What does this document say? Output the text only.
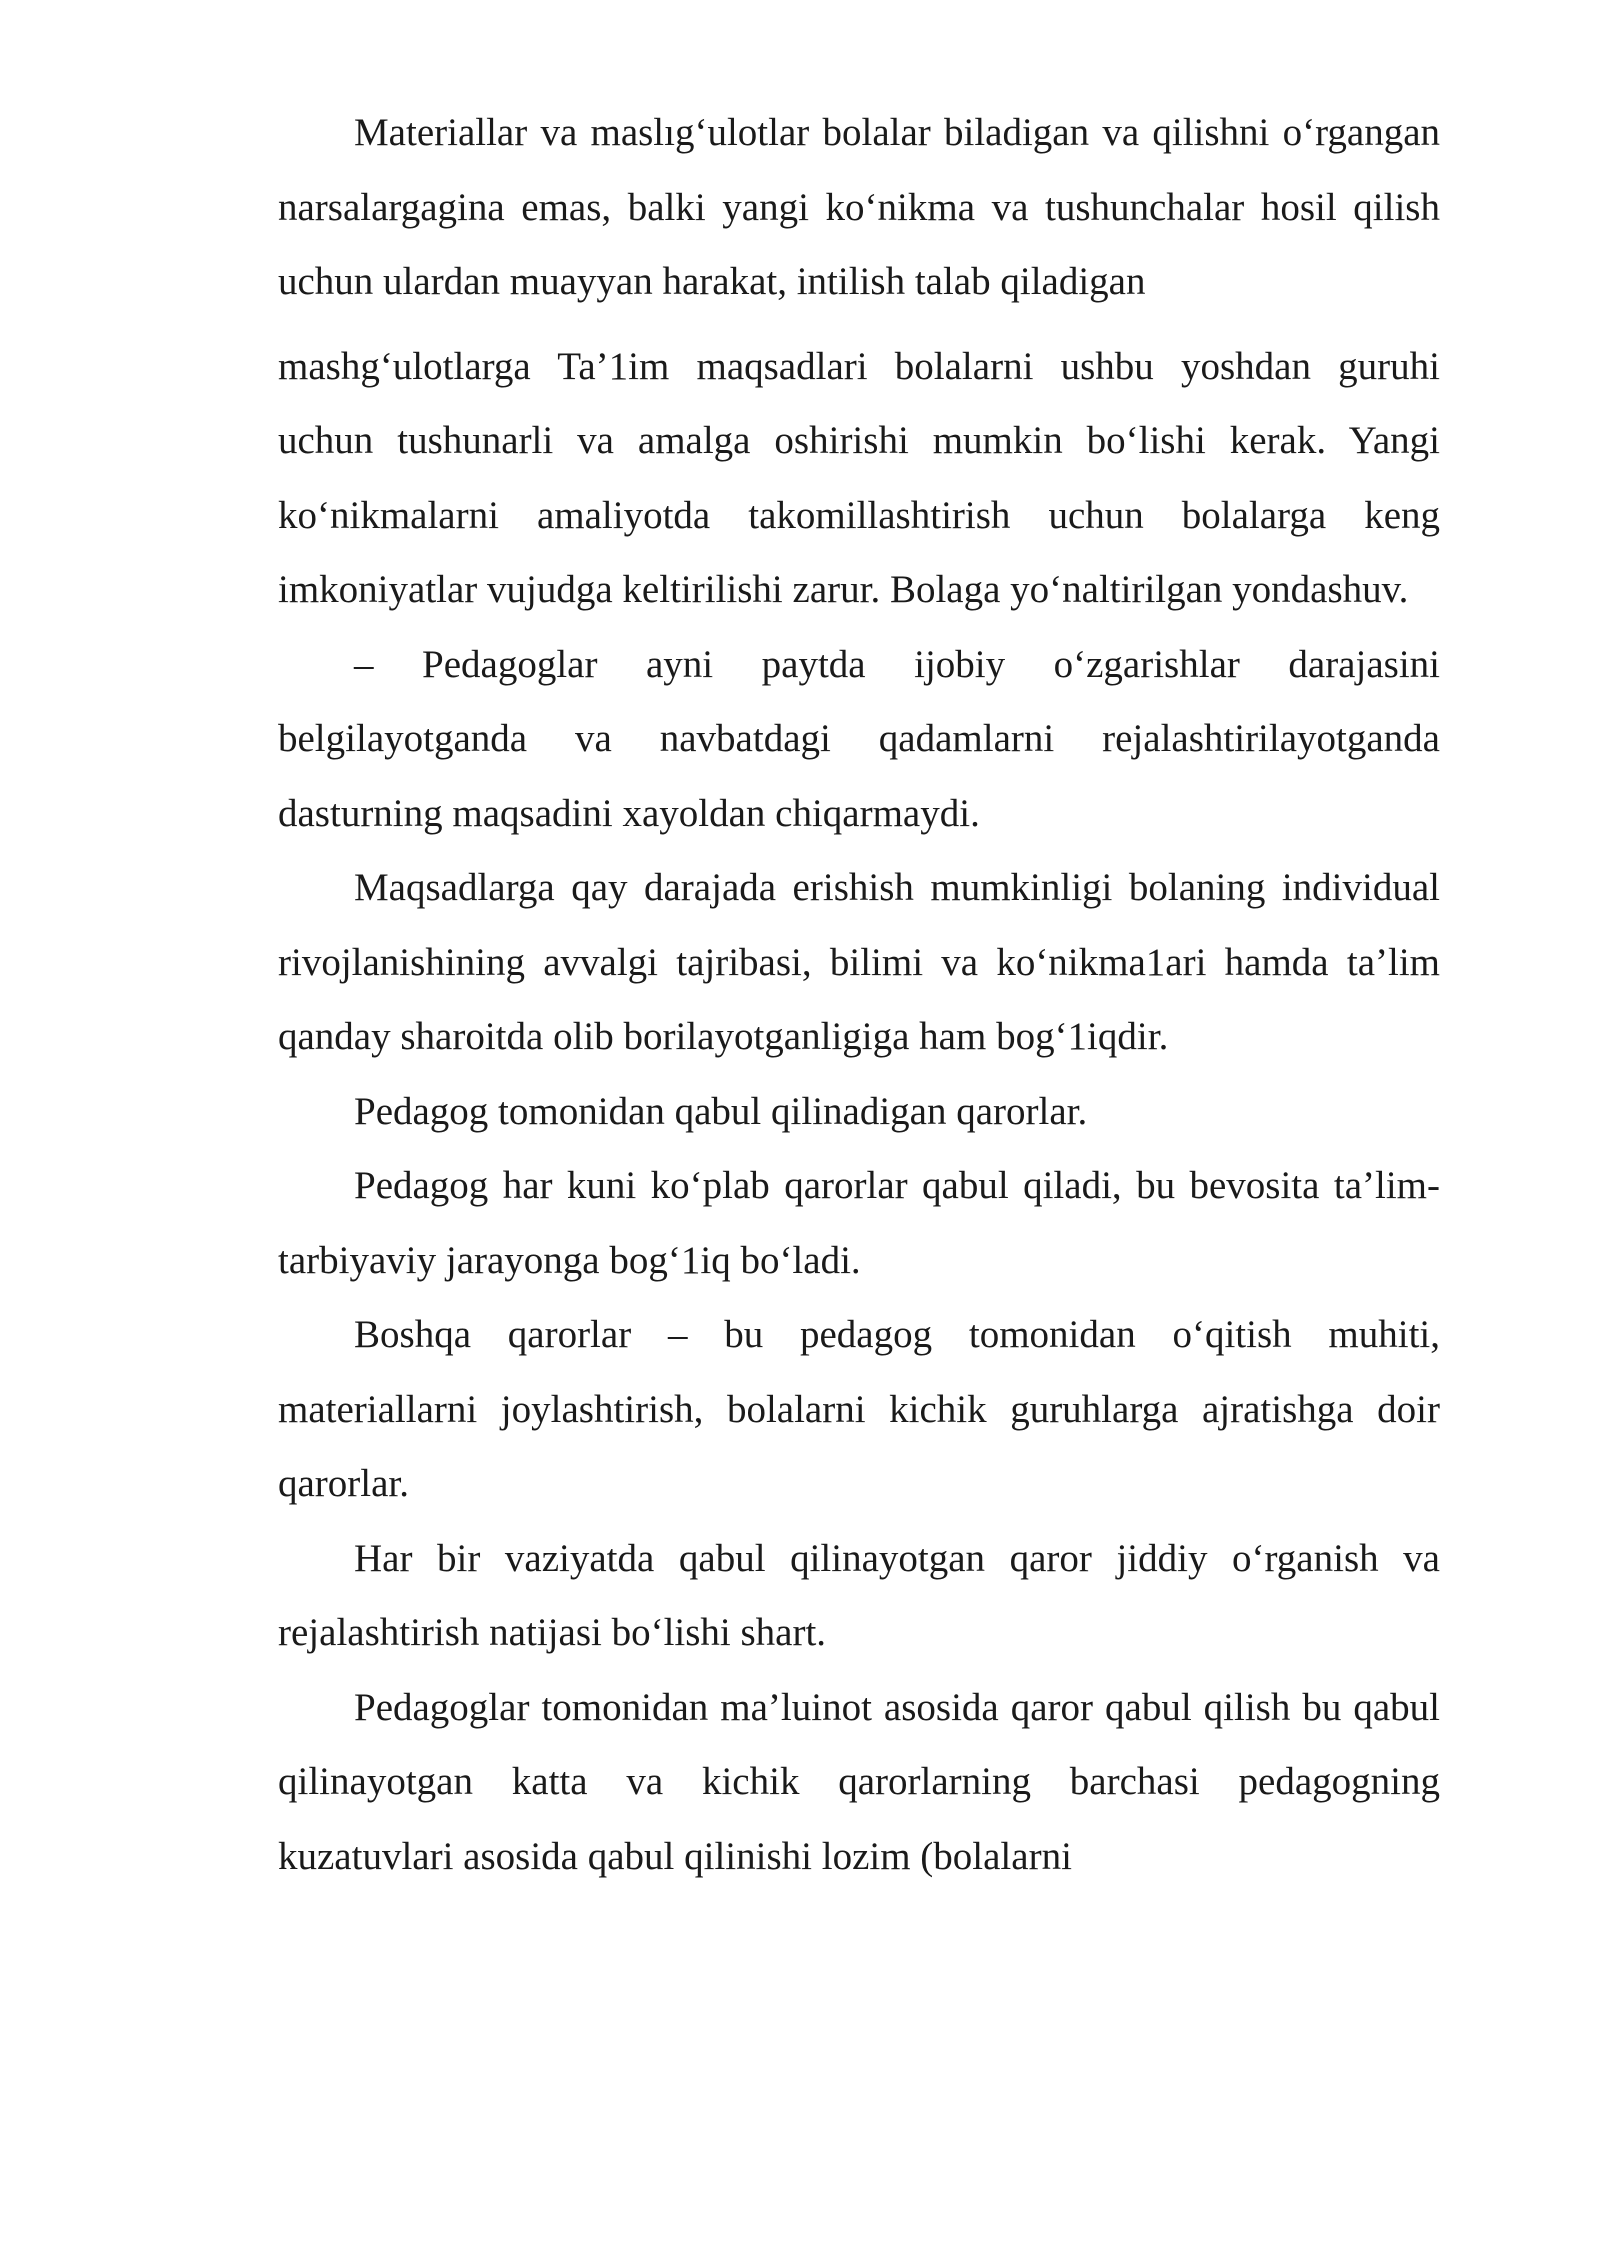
Materiallar va maslıg‘ulotlar bolalar biladigan va qilishni o‘rgangan narsalargagina emas, balki yangi ko‘nikma va tushunchalar hosil qilish uchun ulardan muayyan harakat, intilish talab qiladigan

mashg‘ulotlarga Ta’1im maqsadlari bolalarni ushbu yoshdan guruhi uchun tushunarli va amalga oshirishi mumkin bo‘lishi kerak. Yangi ko‘nikmalarni amaliyotda takomillashtirish uchun bolalarga keng imkoniyatlar vujudga keltirilishi zarur. Bolaga yo‘naltirilgan yondashuv.

– Pedagoglar ayni paytda ijobiy o‘zgarishlar darajasini belgilayotganda va navbatdagi qadamlarni rejalashtirilayotganda dasturning maqsadini xayoldan chiqarmaydi.

Maqsadlarga qay darajada erishish mumkinligi bolaning individual rivojlanishining avvalgi tajribasi, bilimi va ko‘nikma1ari hamda ta’lim qanday sharoitda olib borilayotganligiga ham bog‘1iqdir.

Pedagog tomonidan qabul qilinadigan qarorlar.

Pedagog har kuni ko‘plab qarorlar qabul qiladi, bu bevosita ta’lim-tarbiyaviy jarayonga bog‘1iq bo‘ladi.

Boshqa qarorlar – bu pedagog tomonidan o‘qitish muhiti, materiallarni joylashtirish, bolalarni kichik guruhlarga ajratishga doir qarorlar.

Har bir vaziyatda qabul qilinayotgan qaror jiddiy o‘rganish va rejalashtirish natijasi bo‘lishi shart.

Pedagoglar tomonidan ma’luinot asosida qaror qabul qilish bu qabul qilinayotgan katta va kichik qarorlarning barchasi pedagogning kuzatuvlari asosida qabul qilinishi lozim (bolalarni
